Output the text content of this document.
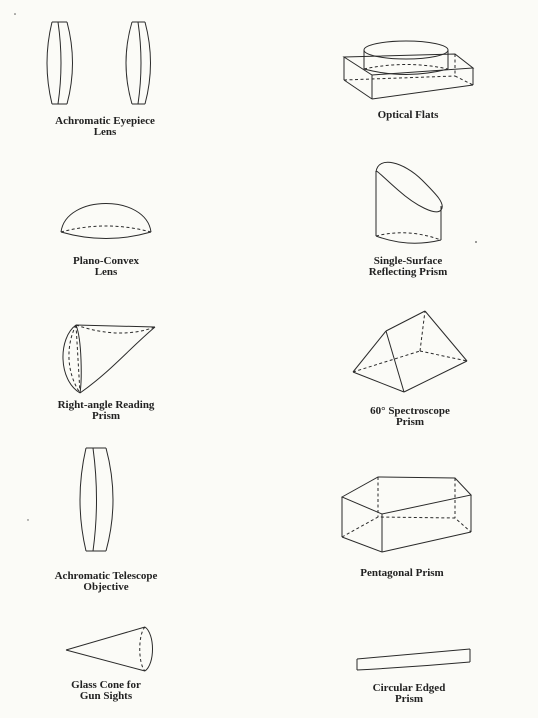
Achromatic Eyepiece
Lens
Optical Flats
Plano-Convex
Lens
Single-Surface
Reflecting Prism
Right-angle Reading
Prism	60° Spectroscope
Prism
Achromatic Telescope
Objective
Pentagonal Prism
Glass Cone for
Gun Sights
Circular Edged
Prism
